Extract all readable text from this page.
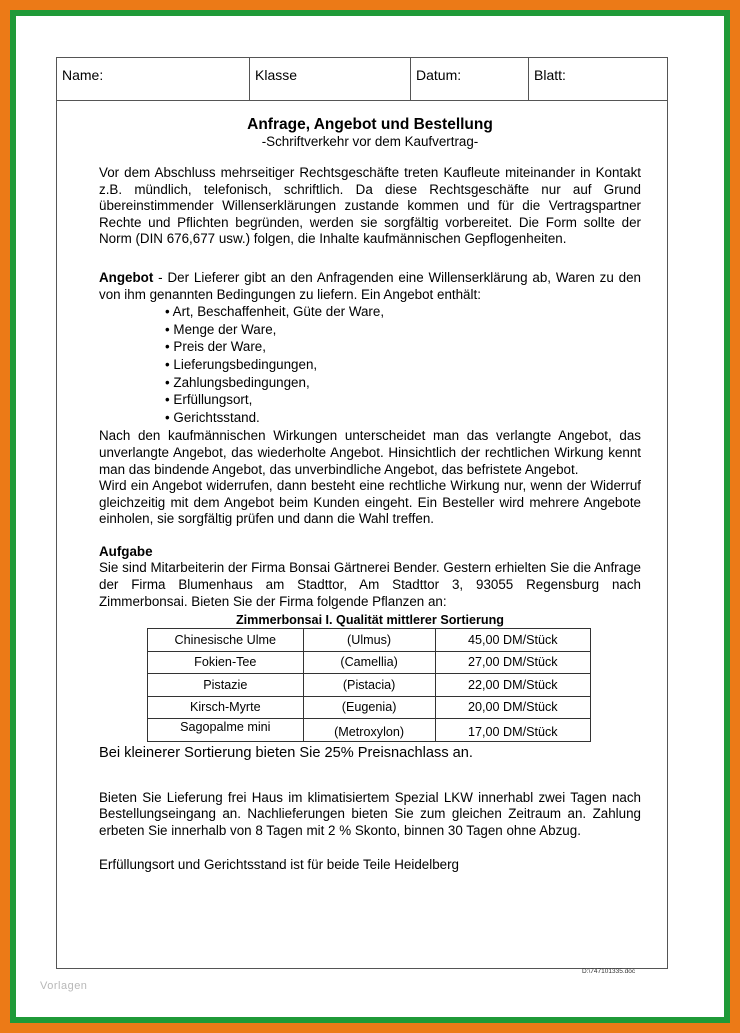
Name:	Klasse	Datum:	Blatt:
Anfrage, Angebot und Bestellung
-Schriftverkehr vor dem Kaufvertrag-

Vor dem Abschluss mehrseitiger Rechtsgeschäfte treten Kaufleute miteinander in Kontakt z.B. mündlich, telefonisch, schriftlich. Da diese Rechtsgeschäfte nur auf Grund übereinstimmender Willenserklärungen zustande kommen und für die Vertragspartner Rechte und Pflichten begründen, werden sie sorgfältig vorbereitet. Die Form sollte der Norm (DIN 676,677 usw.) folgen, die Inhalte kaufmännischen Gepflogenheiten.

Angebot - Der Lieferer gibt an den Anfragenden eine Willenserklärung ab, Waren zu den von ihm genannten Bedingungen zu liefern. Ein Angebot enthält:

• Art, Beschaffenheit, Güte der Ware,
• Menge der Ware,
• Preis der Ware,
• Lieferungsbedingungen,
• Zahlungsbedingungen,
• Erfüllungsort,
• Gerichtsstand.

Nach den kaufmännischen Wirkungen unterscheidet man das verlangte Angebot, das unverlangte Angebot, das wiederholte Angebot. Hinsichtlich der rechtlichen Wirkung kennt man das bindende Angebot, das unverbindliche Angebot, das befristete Angebot.

Wird ein Angebot widerrufen, dann besteht eine rechtliche Wirkung nur, wenn der Widerruf gleichzeitig mit dem Angebot beim Kunden eingeht. Ein Besteller wird mehrere Angebote einholen, sie sorgfältig prüfen und dann die Wahl treffen.

Aufgabe

Sie sind Mitarbeiterin der Firma Bonsai Gärtnerei Bender. Gestern erhielten Sie die Anfrage der Firma Blumenhaus am Stadttor, Am Stadttor 3, 93055 Regensburg nach Zimmerbonsai. Bieten Sie der Firma folgende Pflanzen an:

Zimmerbonsai I. Qualität mittlerer Sortierung
Chinesische Ulme	(Ulmus)	45,00 DM/Stück
Fokien-Tee	(Camellia)	27,00 DM/Stück
Pistazie	(Pistacia)	22,00 DM/Stück
Kirsch-Myrte	(Eugenia)	20,00 DM/Stück
Sagopalme mini	(Metroxylon)	17,00 DM/Stück
Bei kleinerer Sortierung bieten Sie 25% Preisnachlass an.

Bieten Sie Lieferung frei Haus im klimatisiertem Spezial LKW innerhabl zwei Tagen nach Bestellungseingang an. Nachlieferungen bieten Sie zum gleichen Zeitraum an. Zahlung erbeten Sie innerhalb von 8 Tagen mit 2 % Skonto, binnen 30 Tagen ohne Abzug.

Erfüllungsort und Gerichtsstand ist für beide Teile Heidelberg

D:\747101335.doc
Vorlagen
